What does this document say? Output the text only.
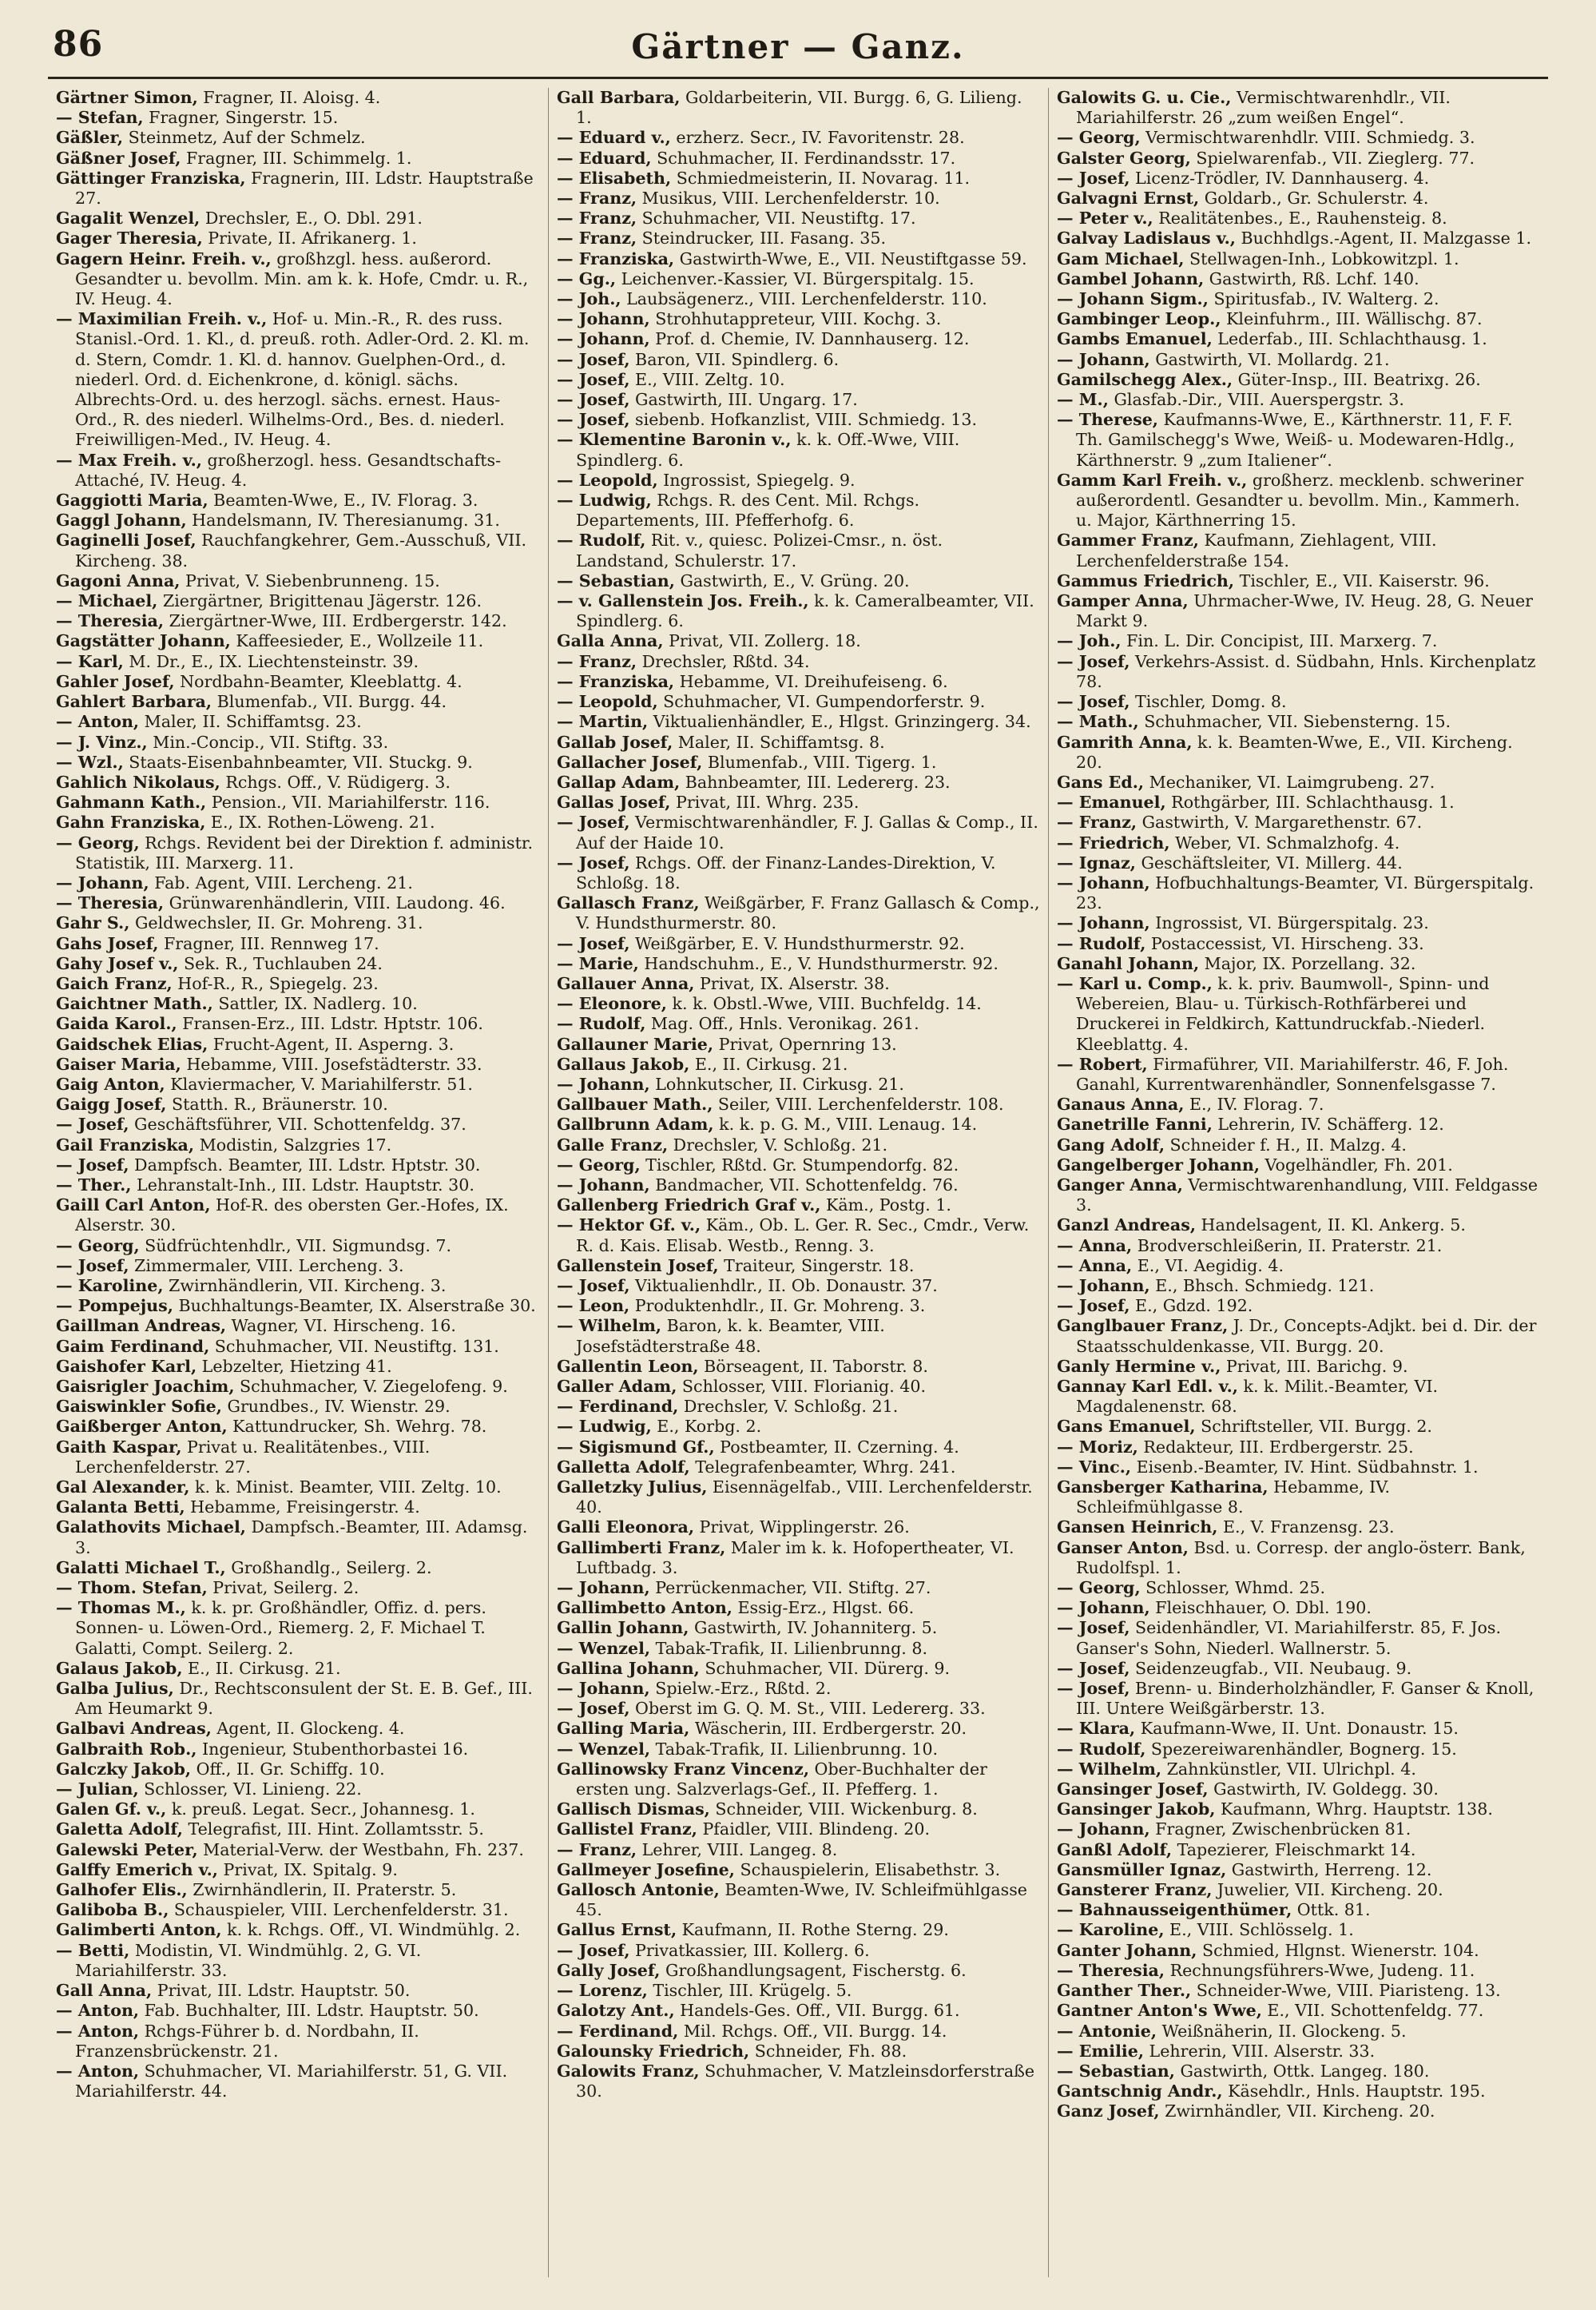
86	Gärtner — Ganz.
Gärtner Simon, Fragner, II. Aloisg. 4.
— Stefan, Fragner, Singerstr. 15.
Gäßler, Steinmetz, Auf der Schmelz.
Gäßner Josef, Fragner, III. Schimmelg. 1.
Gättinger Franziska, Fragnerin, III. Ldstr. Hauptstraße 27.
Gagalit Wenzel, Drechsler, E., O. Dbl. 291.
Gager Theresia, Private, II. Afrikanerg. 1.
Gagern Heinr. Freih. v., großhzgl. hess. außerord. Gesandter u. bevollm. Min. am k. k. Hofe, Cmdr. u. R., IV. Heug. 4.
— Maximilian Freih. v., Hof- u. Min.-R., R. des russ. Stanisl.-Ord. 1. Kl., d. preuß. roth. Adler-Ord. 2. Kl. m. d. Stern, Comdr. 1. Kl. d. hannov. Guelphen-Ord., d. niederl. Ord. d. Eichenkrone, d. königl. sächs. Albrechts-Ord. u. des herzogl. sächs. ernest. Haus-Ord., R. des niederl. Wilhelms-Ord., Bes. d. niederl. Freiwilligen-Med., IV. Heug. 4.
— Max Freih. v., großherzogl. hess. Gesandtschafts-Attaché, IV. Heug. 4.
Gaggiotti Maria, Beamten-Wwe, E., IV. Florag. 3.
Gaggl Johann, Handelsmann, IV. Theresianumg. 31.
Gaginelli Josef, Rauchfangkehrer, Gem.-Ausschuß, VII. Kircheng. 38.
Gagoni Anna, Privat, V. Siebenbrunneng. 15.
— Michael, Ziergärtner, Brigittenau Jägerstr. 126.
— Theresia, Ziergärtner-Wwe, III. Erdbergerstr. 142.
Gagstätter Johann, Kaffeesieder, E., Wollzeile 11.
— Karl, M. Dr., E., IX. Liechtensteinstr. 39.
Gahler Josef, Nordbahn-Beamter, Kleeblattg. 4.
Gahlert Barbara, Blumenfab., VII. Burgg. 44.
— Anton, Maler, II. Schiffamtsg. 23.
— J. Vinz., Min.-Concip., VII. Stiftg. 33.
— Wzl., Staats-Eisenbahnbeamter, VII. Stuckg. 9.
Gahlich Nikolaus, Rchgs. Off., V. Rüdigerg. 3.
Gahmann Kath., Pension., VII. Mariahilferstr. 116.
Gahn Franziska, E., IX. Rothen-Löweng. 21.
— Georg, Rchgs. Revident bei der Direktion f. administr. Statistik, III. Marxerg. 11.
— Johann, Fab. Agent, VIII. Lercheng. 21.
— Theresia, Grünwarenhändlerin, VIII. Laudong. 46.
Gahr S., Geldwechsler, II. Gr. Mohreng. 31.
Gahs Josef, Fragner, III. Rennweg 17.
Gahy Josef v., Sek. R., Tuchlauben 24.
Gaich Franz, Hof-R., R., Spiegelg. 23.
Gaichtner Math., Sattler, IX. Nadlerg. 10.
Gaida Karol., Fransen-Erz., III. Ldstr. Hptstr. 106.
Gaidschek Elias, Frucht-Agent, II. Asperng. 3.
Gaiser Maria, Hebamme, VIII. Josefstädterstr. 33.
Gaig Anton, Klaviermacher, V. Mariahilferstr. 51.
Gaigg Josef, Statth. R., Bräunerstr. 10.
— Josef, Geschäftsführer, VII. Schottenfeldg. 37.
Gail Franziska, Modistin, Salzgries 17.
— Josef, Dampfsch. Beamter, III. Ldstr. Hptstr. 30.
— Ther., Lehranstalt-Inh., III. Ldstr. Hauptstr. 30.
Gaill Carl Anton, Hof-R. des obersten Ger.-Hofes, IX. Alserstr. 30.
— Georg, Südfrüchtenhdlr., VII. Sigmundsg. 7.
— Josef, Zimmermaler, VIII. Lercheng. 3.
— Karoline, Zwirnhändlerin, VII. Kircheng. 3.
— Pompejus, Buchhaltungs-Beamter, IX. Alserstraße 30.
Gaillman Andreas, Wagner, VI. Hirscheng. 16.
Gaim Ferdinand, Schuhmacher, VII. Neustiftg. 131.
Gaishofer Karl, Lebzelter, Hietzing 41.
Gaisrigler Joachim, Schuhmacher, V. Ziegelofeng. 9.
Gaiswinkler Sofie, Grundbes., IV. Wienstr. 29.
Gaißberger Anton, Kattundrucker, Sh. Wehrg. 78.
Gaith Kaspar, Privat u. Realitätenbes., VIII. Lerchenfelderstr. 27.
Gal Alexander, k. k. Minist. Beamter, VIII. Zeltg. 10.
Galanta Betti, Hebamme, Freisingerstr. 4.
Galathovits Michael, Dampfsch.-Beamter, III. Adamsg. 3.
Galatti Michael T., Großhandlg., Seilerg. 2.
— Thom. Stefan, Privat, Seilerg. 2.
— Thomas M., k. k. pr. Großhändler, Offiz. d. pers. Sonnen- u. Löwen-Ord., Riemerg. 2, F. Michael T. Galatti, Compt. Seilerg. 2.
Galaus Jakob, E., II. Cirkusg. 21.
Galba Julius, Dr., Rechtsconsulent der St. E. B. Gef., III. Am Heumarkt 9.
Galbavi Andreas, Agent, II. Glockeng. 4.
Galbraith Rob., Ingenieur, Stubenthorbastei 16.
Galczky Jakob, Off., II. Gr. Schiffg. 10.
— Julian, Schlosser, VI. Linieng. 22.
Galen Gf. v., k. preuß. Legat. Secr., Johannesg. 1.
Galetta Adolf, Telegrafist, III. Hint. Zollamtsstr. 5.
Galewski Peter, Material-Verw. der Westbahn, Fh. 237.
Galffy Emerich v., Privat, IX. Spitalg. 9.
Galhofer Elis., Zwirnhändlerin, II. Praterstr. 5.
Galiboba B., Schauspieler, VIII. Lerchenfelderstr. 31.
Galimberti Anton, k. k. Rchgs. Off., VI. Windmühlg. 2.
— Betti, Modistin, VI. Windmühlg. 2, G. VI. Mariahilferstr. 33.
Gall Anna, Privat, III. Ldstr. Hauptstr. 50.
— Anton, Fab. Buchhalter, III. Ldstr. Hauptstr. 50.
— Anton, Rchgs-Führer b. d. Nordbahn, II. Franzensbrückenstr. 21.
— Anton, Schuhmacher, VI. Mariahilferstr. 51, G. VII. Mariahilferstr. 44.
Gall Barbara, Goldarbeiterin, VII. Burgg. 6, G. Lilieng. 1.
— Eduard v., erzherz. Secr., IV. Favoritenstr. 28.
— Eduard, Schuhmacher, II. Ferdinandsstr. 17.
— Elisabeth, Schmiedmeisterin, II. Novarag. 11.
— Franz, Musikus, VIII. Lerchenfelderstr. 10.
— Franz, Schuhmacher, VII. Neustiftg. 17.
— Franz, Steindrucker, III. Fasang. 35.
— Franziska, Gastwirth-Wwe, E., VII. Neustiftgasse 59.
— Gg., Leichenver.-Kassier, VI. Bürgerspitalg. 15.
— Joh., Laubsägenerz., VIII. Lerchenfelderstr. 110.
— Johann, Strohhutappreteur, VIII. Kochg. 3.
— Johann, Prof. d. Chemie, IV. Dannhauserg. 12.
— Josef, Baron, VII. Spindlerg. 6.
— Josef, E., VIII. Zeltg. 10.
— Josef, Gastwirth, III. Ungarg. 17.
— Josef, siebenb. Hofkanzlist, VIII. Schmiedg. 13.
— Klementine Baronin v., k. k. Off.-Wwe, VIII. Spindlerg. 6.
— Leopold, Ingrossist, Spiegelg. 9.
— Ludwig, Rchgs. R. des Cent. Mil. Rchgs. Departements, III. Pfefferhofg. 6.
— Rudolf, Rit. v., quiesc. Polizei-Cmsr., n. öst. Landstand, Schulerstr. 17.
— Sebastian, Gastwirth, E., V. Grüng. 20.
— v. Gallenstein Jos. Freih., k. k. Cameralbeamter, VII. Spindlerg. 6.
Galla Anna, Privat, VII. Zollerg. 18.
— Franz, Drechsler, Rßtd. 34.
— Franziska, Hebamme, VI. Dreihufeiseng. 6.
— Leopold, Schuhmacher, VI. Gumpendorferstr. 9.
— Martin, Viktualienhändler, E., Hlgst. Grinzingerg. 34.
Gallab Josef, Maler, II. Schiffamtsg. 8.
Gallacher Josef, Blumenfab., VIII. Tigerg. 1.
Gallap Adam, Bahnbeamter, III. Ledererg. 23.
Gallas Josef, Privat, III. Whrg. 235.
— Josef, Vermischtwarenhändler, F. J. Gallas & Comp., II. Auf der Haide 10.
— Josef, Rchgs. Off. der Finanz-Landes-Direktion, V. Schloßg. 18.
Gallasch Franz, Weißgärber, F. Franz Gallasch & Comp., V. Hundsthurmerstr. 80.
— Josef, Weißgärber, E. V. Hundsthurmerstr. 92.
— Marie, Handschuhm., E., V. Hundsthurmerstr. 92.
Gallauer Anna, Privat, IX. Alserstr. 38.
— Eleonore, k. k. Obstl.-Wwe, VIII. Buchfeldg. 14.
— Rudolf, Mag. Off., Hnls. Veronikag. 261.
Gallauner Marie, Privat, Opernring 13.
Gallaus Jakob, E., II. Cirkusg. 21.
— Johann, Lohnkutscher, II. Cirkusg. 21.
Gallbauer Math., Seiler, VIII. Lerchenfelderstr. 108.
Gallbrunn Adam, k. k. p. G. M., VIII. Lenaug. 14.
Galle Franz, Drechsler, V. Schloßg. 21.
— Georg, Tischler, Rßtd. Gr. Stumpendorfg. 82.
— Johann, Bandmacher, VII. Schottenfeldg. 76.
Gallenberg Friedrich Graf v., Käm., Postg. 1.
— Hektor Gf. v., Käm., Ob. L. Ger. R. Sec., Cmdr., Verw. R. d. Kais. Elisab. Westb., Renng. 3.
Gallenstein Josef, Traiteur, Singerstr. 18.
— Josef, Viktualienhdlr., II. Ob. Donaustr. 37.
— Leon, Produktenhdlr., II. Gr. Mohreng. 3.
— Wilhelm, Baron, k. k. Beamter, VIII. Josefstädterstraße 48.
Gallentin Leon, Börseagent, II. Taborstr. 8.
Galler Adam, Schlosser, VIII. Florianig. 40.
— Ferdinand, Drechsler, V. Schloßg. 21.
— Ludwig, E., Korbg. 2.
— Sigismund Gf., Postbeamter, II. Czerning. 4.
Galletta Adolf, Telegrafenbeamter, Whrg. 241.
Galletzky Julius, Eisennägelfab., VIII. Lerchenfelderstr. 40.
Galli Eleonora, Privat, Wipplingerstr. 26.
Gallimberti Franz, Maler im k. k. Hofopertheater, VI. Luftbadg. 3.
— Johann, Perrückenmacher, VII. Stiftg. 27.
Gallimbetto Anton, Essig-Erz., Hlgst. 66.
Gallin Johann, Gastwirth, IV. Johanniterg. 5.
— Wenzel, Tabak-Trafik, II. Lilienbrunng. 8.
Gallina Johann, Schuhmacher, VII. Dürerg. 9.
— Johann, Spielw.-Erz., Rßtd. 2.
— Josef, Oberst im G. Q. M. St., VIII. Ledererg. 33.
Galling Maria, Wäscherin, III. Erdbergerstr. 20.
— Wenzel, Tabak-Trafik, II. Lilienbrunng. 10.
Gallinowsky Franz Vincenz, Ober-Buchhalter der ersten ung. Salzverlags-Gef., II. Pfefferg. 1.
Gallisch Dismas, Schneider, VIII. Wickenburg. 8.
Gallistel Franz, Pfaidler, VIII. Blindeng. 20.
— Franz, Lehrer, VIII. Langeg. 8.
Gallmeyer Josefine, Schauspielerin, Elisabethstr. 3.
Gallosch Antonie, Beamten-Wwe, IV. Schleifmühlgasse 45.
Gallus Ernst, Kaufmann, II. Rothe Sterng. 29.
— Josef, Privatkassier, III. Kollerg. 6.
Gally Josef, Großhandlungsagent, Fischerstg. 6.
— Lorenz, Tischler, III. Krügelg. 5.
Galotzy Ant., Handels-Ges. Off., VII. Burgg. 61.
— Ferdinand, Mil. Rchgs. Off., VII. Burgg. 14.
Galounsky Friedrich, Schneider, Fh. 88.
Galowits Franz, Schuhmacher, V. Matzleinsdorferstraße 30.
Galowits G. u. Cie., Vermischtwarenhdlr., VII. Mariahilferstr. 26 „zum weißen Engel“.
— Georg, Vermischtwarenhdlr. VIII. Schmiedg. 3.
Galster Georg, Spielwarenfab., VII. Zieglerg. 77.
— Josef, Licenz-Trödler, IV. Dannhauserg. 4.
Galvagni Ernst, Goldarb., Gr. Schulerstr. 4.
— Peter v., Realitätenbes., E., Rauhensteig. 8.
Galvay Ladislaus v., Buchhdlgs.-Agent, II. Malzgasse 1.
Gam Michael, Stellwagen-Inh., Lobkowitzpl. 1.
Gambel Johann, Gastwirth, Rß. Lchf. 140.
— Johann Sigm., Spiritusfab., IV. Walterg. 2.
Gambinger Leop., Kleinfuhrm., III. Wällischg. 87.
Gambs Emanuel, Lederfab., III. Schlachthausg. 1.
— Johann, Gastwirth, VI. Mollardg. 21.
Gamilschegg Alex., Güter-Insp., III. Beatrixg. 26.
— M., Glasfab.-Dir., VIII. Auerspergstr. 3.
— Therese, Kaufmanns-Wwe, E., Kärthnerstr. 11, F. F. Th. Gamilschegg's Wwe, Weiß- u. Modewaren-Hdlg., Kärthnerstr. 9 „zum Italiener“.
Gamm Karl Freih. v., großherz. mecklenb. schweriner außerordentl. Gesandter u. bevollm. Min., Kammerh. u. Major, Kärthnerring 15.
Gammer Franz, Kaufmann, Ziehlagent, VIII. Lerchenfelderstraße 154.
Gammus Friedrich, Tischler, E., VII. Kaiserstr. 96.
Gamper Anna, Uhrmacher-Wwe, IV. Heug. 28, G. Neuer Markt 9.
— Joh., Fin. L. Dir. Concipist, III. Marxerg. 7.
— Josef, Verkehrs-Assist. d. Südbahn, Hnls. Kirchenplatz 78.
— Josef, Tischler, Domg. 8.
— Math., Schuhmacher, VII. Siebensterng. 15.
Gamrith Anna, k. k. Beamten-Wwe, E., VII. Kircheng. 20.
Gans Ed., Mechaniker, VI. Laimgrubeng. 27.
— Emanuel, Rothgärber, III. Schlachthausg. 1.
— Franz, Gastwirth, V. Margarethenstr. 67.
— Friedrich, Weber, VI. Schmalzhofg. 4.
— Ignaz, Geschäftsleiter, VI. Millerg. 44.
— Johann, Hofbuchhaltungs-Beamter, VI. Bürgerspitalg. 23.
— Johann, Ingrossist, VI. Bürgerspitalg. 23.
— Rudolf, Postaccessist, VI. Hirscheng. 33.
Ganahl Johann, Major, IX. Porzellang. 32.
— Karl u. Comp., k. k. priv. Baumwoll-, Spinn- und Webereien, Blau- u. Türkisch-Rothfärberei und Druckerei in Feldkirch, Kattundruckfab.-Niederl. Kleeblattg. 4.
— Robert, Firmaführer, VII. Mariahilferstr. 46, F. Joh. Ganahl, Kurrentwarenhändler, Sonnenfelsgasse 7.
Ganaus Anna, E., IV. Florag. 7.
Ganetrille Fanni, Lehrerin, IV. Schäfferg. 12.
Gang Adolf, Schneider f. H., II. Malzg. 4.
Gangelberger Johann, Vogelhändler, Fh. 201.
Ganger Anna, Vermischtwarenhandlung, VIII. Feldgasse 3.
Ganzl Andreas, Handelsagent, II. Kl. Ankerg. 5.
— Anna, Brodverschleißerin, II. Praterstr. 21.
— Anna, E., VI. Aegidig. 4.
— Johann, E., Bhsch. Schmiedg. 121.
— Josef, E., Gdzd. 192.
Ganglbauer Franz, J. Dr., Concepts-Adjkt. bei d. Dir. der Staatsschuldenkasse, VII. Burgg. 20.
Ganly Hermine v., Privat, III. Barichg. 9.
Gannay Karl Edl. v., k. k. Milit.-Beamter, VI. Magdalenenstr. 68.
Gans Emanuel, Schriftsteller, VII. Burgg. 2.
— Moriz, Redakteur, III. Erdbergerstr. 25.
— Vinc., Eisenb.-Beamter, IV. Hint. Südbahnstr. 1.
Gansberger Katharina, Hebamme, IV. Schleifmühlgasse 8.
Gansen Heinrich, E., V. Franzensg. 23.
Ganser Anton, Bsd. u. Corresp. der anglo-österr. Bank, Rudolfspl. 1.
— Georg, Schlosser, Whmd. 25.
— Johann, Fleischhauer, O. Dbl. 190.
— Josef, Seidenhändler, VI. Mariahilferstr. 85, F. Jos. Ganser's Sohn, Niederl. Wallnerstr. 5.
— Josef, Seidenzeugfab., VII. Neubaug. 9.
— Josef, Brenn- u. Binderholzhändler, F. Ganser & Knoll, III. Untere Weißgärberstr. 13.
— Klara, Kaufmann-Wwe, II. Unt. Donaustr. 15.
— Rudolf, Spezereiwarenhändler, Bognerg. 15.
— Wilhelm, Zahnkünstler, VII. Ulrichpl. 4.
Gansinger Josef, Gastwirth, IV. Goldegg. 30.
Gansinger Jakob, Kaufmann, Whrg. Hauptstr. 138.
— Johann, Fragner, Zwischenbrücken 81.
Ganßl Adolf, Tapezierer, Fleischmarkt 14.
Gansmüller Ignaz, Gastwirth, Herreng. 12.
Gansterer Franz, Juwelier, VII. Kircheng. 20.
— Bahnausseigenthümer, Ottk. 81.
— Karoline, E., VIII. Schlösselg. 1.
Ganter Johann, Schmied, Hlgnst. Wienerstr. 104.
— Theresia, Rechnungsführers-Wwe, Judeng. 11.
Ganther Ther., Schneider-Wwe, VIII. Piaristeng. 13.
Gantner Anton's Wwe, E., VII. Schottenfeldg. 77.
— Antonie, Weißnäherin, II. Glockeng. 5.
— Emilie, Lehrerin, VIII. Alserstr. 33.
— Sebastian, Gastwirth, Ottk. Langeg. 180.
Gantschnig Andr., Käsehdlr., Hnls. Hauptstr. 195.
Ganz Josef, Zwirnhändler, VII. Kircheng. 20.
